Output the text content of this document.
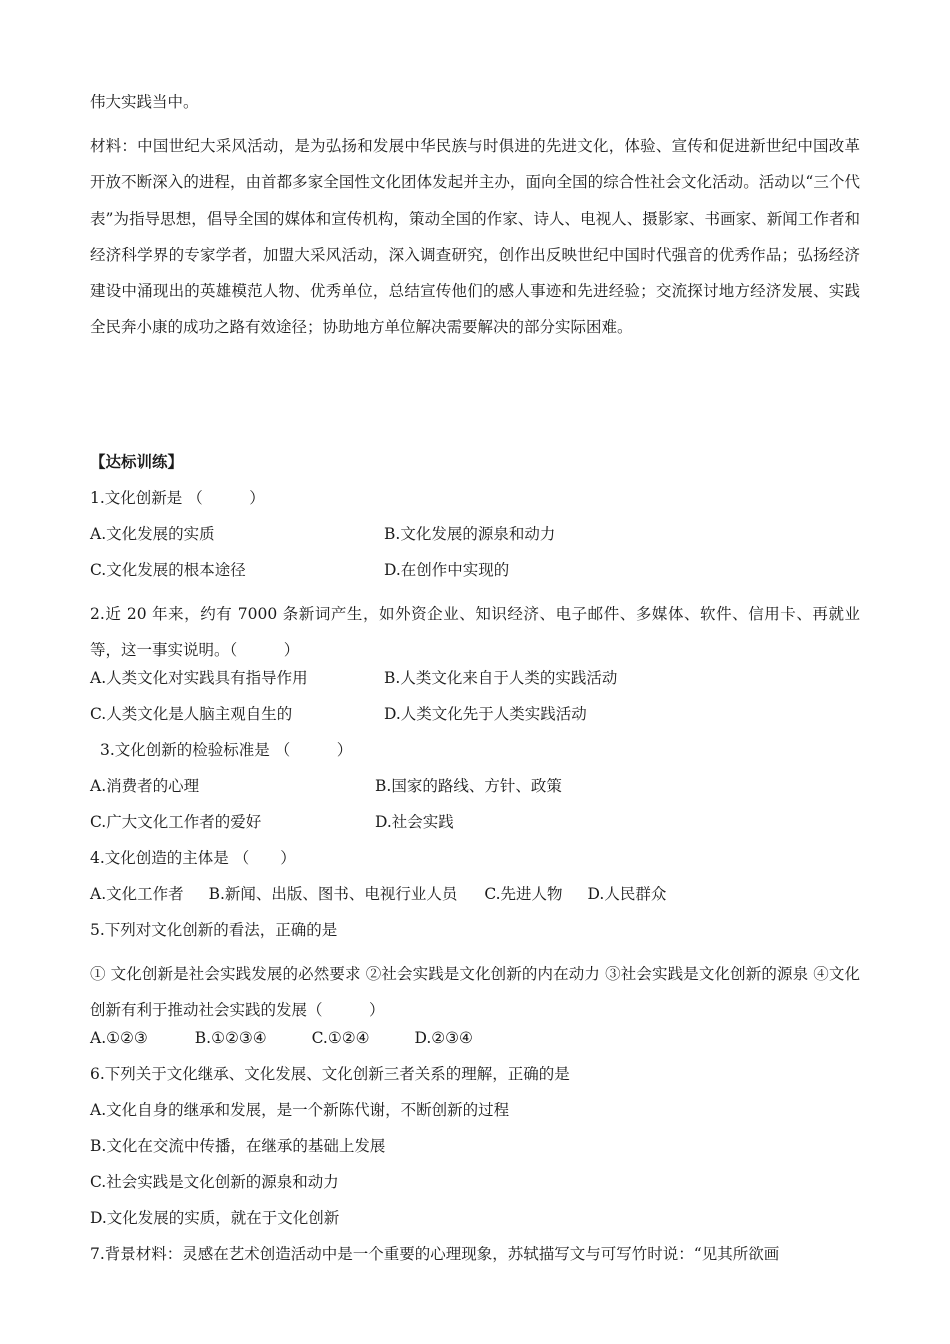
伟大实践当中。
材料：中国世纪大采风活动，是为弘扬和发展中华民族与时俱进的先进文化，体验、宣传和促进新世纪中国改革开放不断深入的进程，由首都多家全国性文化团体发起并主办，面向全国的综合性社会文化活动。活动以“三个代表”为指导思想，倡导全国的媒体和宣传机构，策动全国的作家、诗人、电视人、摄影家、书画家、新闻工作者和经济科学界的专家学者，加盟大采风活动，深入调查研究，创作出反映世纪中国时代强音的优秀作品；弘扬经济建设中涌现出的英雄模范人物、优秀单位，总结宣传他们的感人事迹和先进经验；交流探讨地方经济发展、实践全民奔小康的成功之路有效途径；协助地方单位解决需要解决的部分实际困难。
【达标训练】
1.文化创新是 （　　　）
A.文化发展的实质	B.文化发展的源泉和动力
C.文化发展的根本途径	D.在创作中实现的
2.近 20 年来，约有 7000 条新词产生，如外资企业、知识经济、电子邮件、多媒体、软件、信用卡、再就业等，这一事实说明。（　　　）
A.人类文化对实践具有指导作用	B.人类文化来自于人类的实践活动
C.人类文化是人脑主观自生的	D.人类文化先于人类实践活动
3.文化创新的检验标准是 （　　　）
A.消费者的心理	B.国家的路线、方针、政策
C.广大文化工作者的爱好	D.社会实践
4.文化创造的主体是 （　　）
A.文化工作者 B.新闻、出版、图书、电视行业人员 C.先进人物 D.人民群众
5.下列对文化创新的看法，正确的是
① 文化创新是社会实践发展的必然要求 ②社会实践是文化创新的内在动力 ③社会实践是文化创新的源泉 ④文化创新有利于推动社会实践的发展（　　　）
A.①②③	B.①②③④	C.①②④	D.②③④
6.下列关于文化继承、文化发展、文化创新三者关系的理解，正确的是
A.文化自身的继承和发展，是一个新陈代谢，不断创新的过程
B.文化在交流中传播，在继承的基础上发展
C.社会实践是文化创新的源泉和动力
D.文化发展的实质，就在于文化创新
7.背景材料：灵感在艺术创造活动中是一个重要的心理现象，苏轼描写文与可写竹时说：“见其所欲画
